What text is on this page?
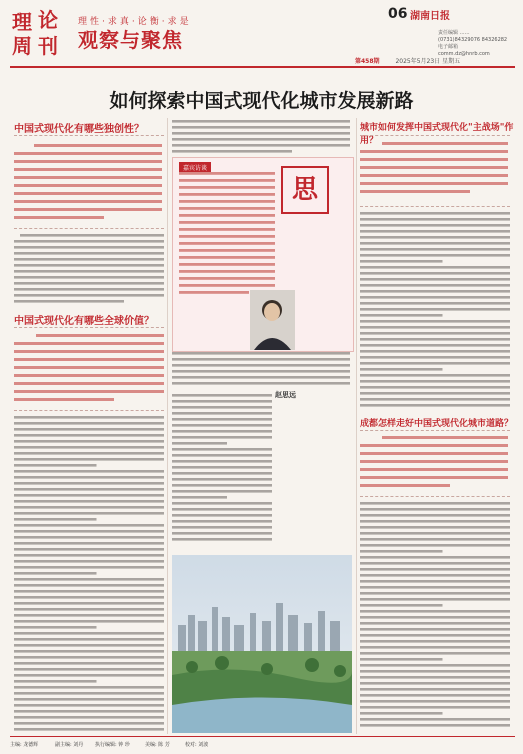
理 论
周 刊
理性·求真·论衡·求是
观察与聚焦
06 湖南日报
责任编辑 ……
(0731)84329076 84326282
电子邮箱
comm.dz@hnrb.com
第458期	2025年5月23日 星期五
如何探索中国式现代化城市发展新路
中国式现代化有哪些独创性？
中国式现代化有哪些全球价值？
嘉宾访谈
思
赵思远
城市如何发挥中国式现代化"主战场"作用？
成都怎样走好中国式现代化城市道路？
主编: 龙德辉	副主编: 刘丹 执行编辑: 钟 珍	美编: 陈 芳	校对: 刘波
